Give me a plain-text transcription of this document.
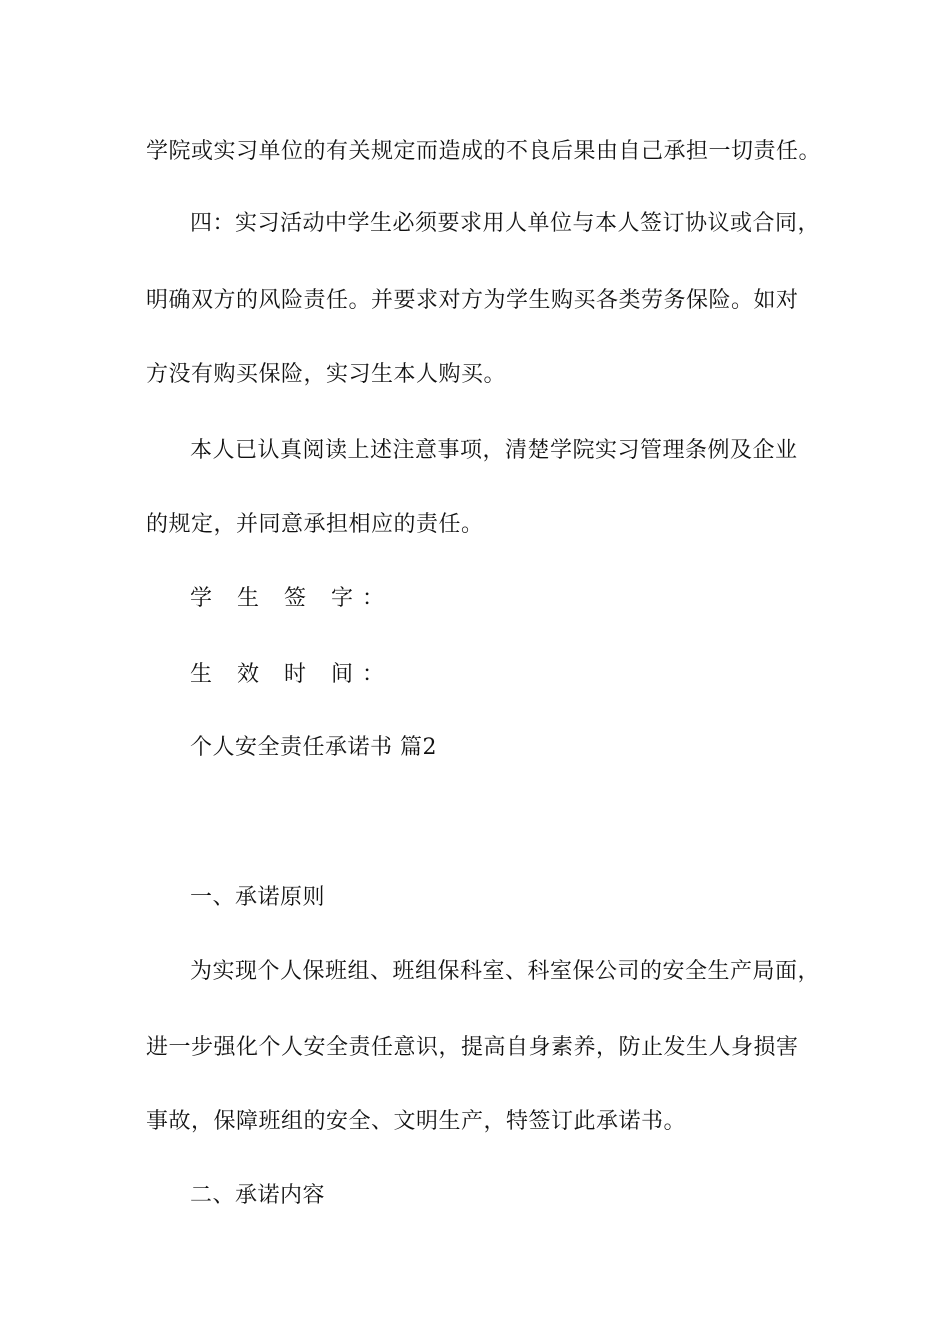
学院或实习单位的有关规定而造成的不良后果由自己承担一切责任。
四：实习活动中学生必须要求用人单位与本人签订协议或合同，
明确双方的风险责任。并要求对方为学生购买各类劳务保险。如对
方没有购买保险，实习生本人购买。
本人已认真阅读上述注意事项，清楚学院实习管理条例及企业
的规定，并同意承担相应的责任。
学 生 签 字：
生 效 时 间：
个人安全责任承诺书 篇2
一、承诺原则
为实现个人保班组、班组保科室、科室保公司的安全生产局面，
进一步强化个人安全责任意识，提高自身素养，防止发生人身损害
事故，保障班组的安全、文明生产，特签订此承诺书。
二、承诺内容
